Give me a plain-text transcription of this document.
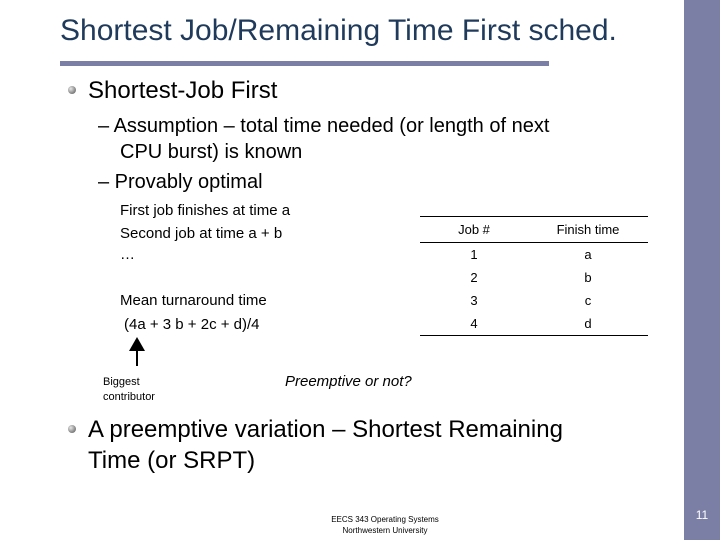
Shortest Job/Remaining Time First sched.
11
Shortest-Job First
– Assumption – total time needed (or length of next
CPU burst) is known
– Provably optimal
First job finishes at time a
Second job at time a + b
…
Mean turnaround time
(4a + 3 b + 2c + d)/4
Biggest
contributor
Preemptive or not?
Job #	Finish time
1	a
2	b
3	c
4	d
A preemptive variation – Shortest Remaining
Time (or SRPT)
EECS 343 Operating Systems
Northwestern University
